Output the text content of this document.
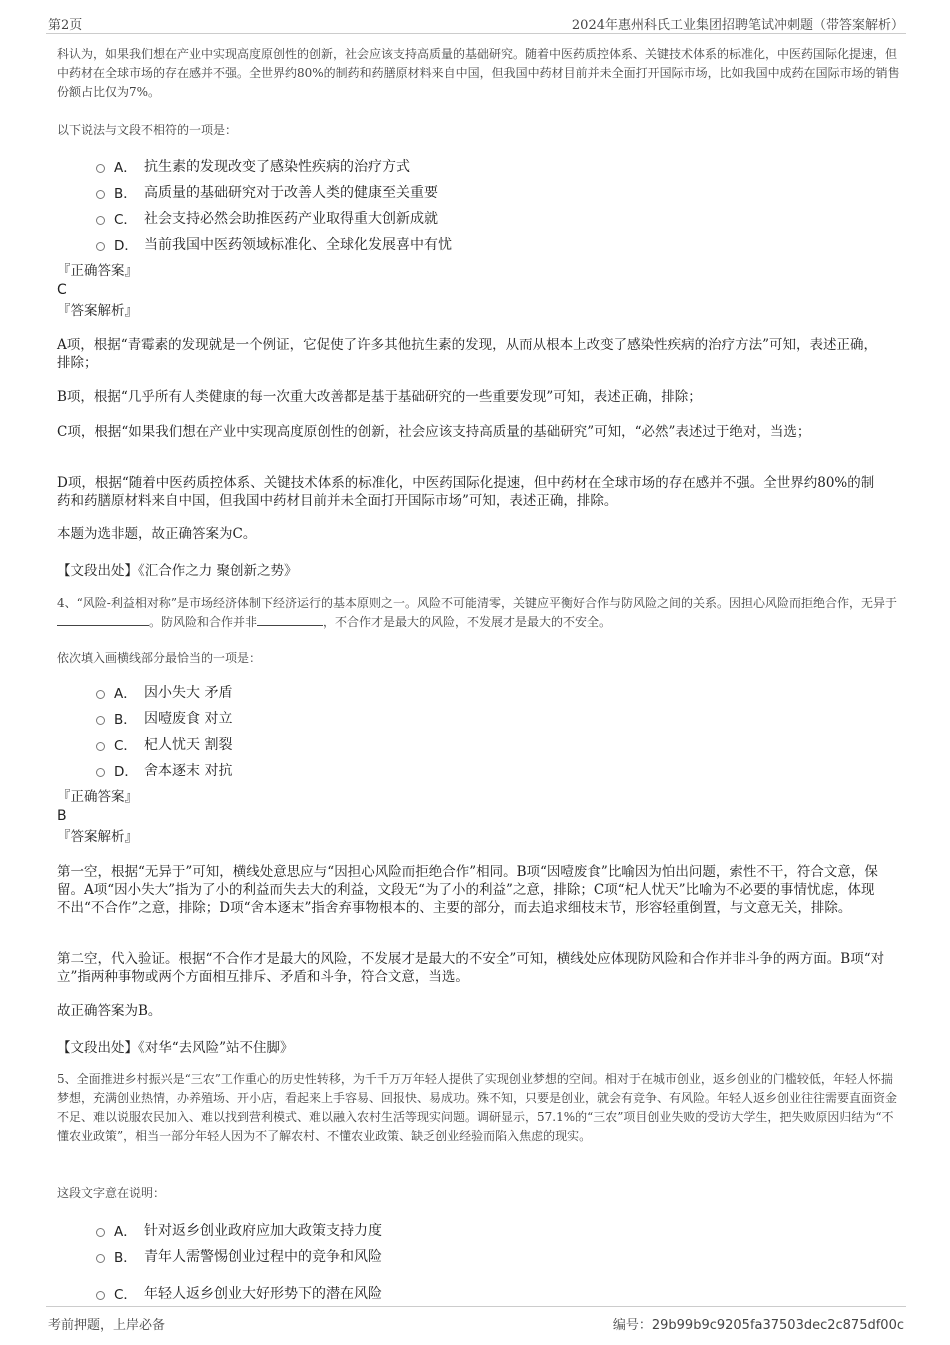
第2页	2024年惠州科氏工业集团招聘笔试冲刺题（带答案解析）
科认为，如果我们想在产业中实现高度原创性的创新，社会应该支持高质量的基础研究。随着中医药质控体系、关键技术体系的标准化，中医药国际化提速，但中药材在全球市场的存在感并不强。全世界约80%的制药和药膳原材料来自中国，但我国中药材目前并未全面打开国际市场，比如我国中成药在国际市场的销售份额占比仅为7%。
以下说法与文段不相符的一项是：
A． 抗生素的发现改变了感染性疾病的治疗方式
B． 高质量的基础研究对于改善人类的健康至关重要
C． 社会支持必然会助推医药产业取得重大创新成就
D． 当前我国中医药领域标准化、全球化发展喜中有忧
『正确答案』
C
『答案解析』
A项，根据“青霉素的发现就是一个例证，它促使了许多其他抗生素的发现，从而从根本上改变了感染性疾病的治疗方法”可知，表述正确，排除；
B项，根据“几乎所有人类健康的每一次重大改善都是基于基础研究的一些重要发现”可知，表述正确，排除；
C项，根据“如果我们想在产业中实现高度原创性的创新，社会应该支持高质量的基础研究”可知，“必然”表述过于绝对，当选；
D项，根据“随着中医药质控体系、关键技术体系的标准化，中医药国际化提速，但中药材在全球市场的存在感并不强。全世界约80%的制药和药膳原材料来自中国，但我国中药材目前并未全面打开国际市场”可知，表述正确，排除。
本题为选非题，故正确答案为C。
【文段出处】《汇合作之力 聚创新之势》
4、“风险-利益相对称”是市场经济体制下经济运行的基本原则之一。风险不可能清零，关键应平衡好合作与防风险之间的关系。因担心风险而拒绝合作，无异于。防风险和合作并非	，不合作才是最大的风险，不发展才是最大的不安全。
依次填入画横线部分最恰当的一项是：
A． 因小失大 矛盾
B． 因噎废食 对立
C． 杞人忧天 割裂
D． 舍本逐末 对抗
『正确答案』
B
『答案解析』
第一空，根据“无异于”可知，横线处意思应与“因担心风险而拒绝合作”相同。B项“因噎废食”比喻因为怕出问题，索性不干，符合文意，保留。A项“因小失大”指为了小的利益而失去大的利益，文段无“为了小的利益”之意，排除；C项“杞人忧天”比喻为不必要的事情忧虑，体现不出“不合作”之意，排除；D项“舍本逐末”指舍弃事物根本的、主要的部分，而去追求细枝末节，形容轻重倒置，与文意无关，排除。
第二空，代入验证。根据“不合作才是最大的风险，不发展才是最大的不安全”可知，横线处应体现防风险和合作并非斗争的两方面。B项“对立”指两种事物或两个方面相互排斥、矛盾和斗争，符合文意，当选。
故正确答案为B。
【文段出处】《对华“去风险”站不住脚》
5、全面推进乡村振兴是“三农”工作重心的历史性转移，为千千万万年轻人提供了实现创业梦想的空间。相对于在城市创业，返乡创业的门槛较低，年轻人怀揣梦想，充满创业热情，办养殖场、开小店，看起来上手容易、回报快、易成功。殊不知，只要是创业，就会有竞争、有风险。年轻人返乡创业往往需要直面资金不足、难以说服农民加入、难以找到营利模式、难以融入农村生活等现实问题。调研显示，57.1%的“三农”项目创业失败的受访大学生，把失败原因归结为“不懂农业政策”，相当一部分年轻人因为不了解农村、不懂农业政策、缺乏创业经验而陷入焦虑的现实。
这段文字意在说明：
A． 针对返乡创业政府应加大政策支持力度
B． 青年人需警惕创业过程中的竞争和风险
C． 年轻人返乡创业大好形势下的潜在风险
考前押题，上岸必备	编号：29b99b9c9205fa37503dec2c875df00c
